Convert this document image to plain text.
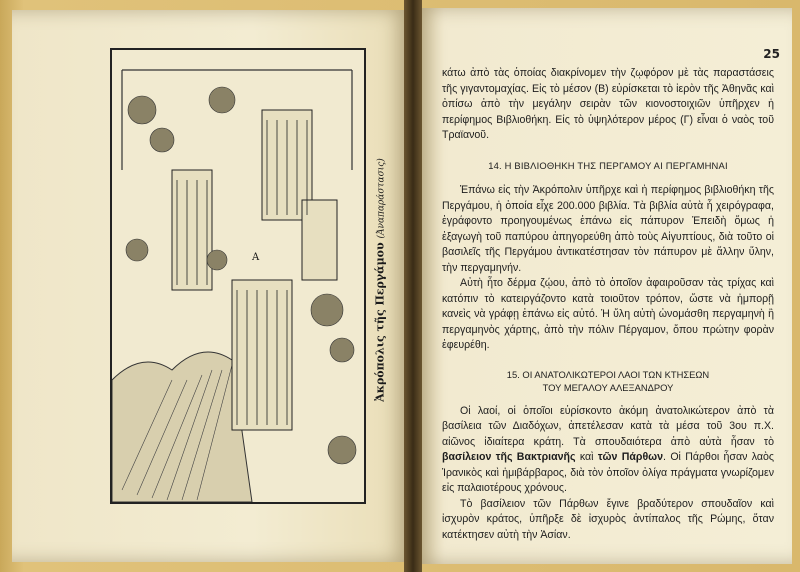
Α	Ἀκρόπολις τῆς Περγάμου (Ἀναπαράστασις)
25

κάτω ἀπὸ τὰς ὁποίας διακρίνομεν τὴν ζῳφόρον μὲ τὰς παραστάσεις τῆς γιγαντομαχίας. Εἰς τὸ μέσον (Β) εὑρίσκεται τὸ ἱερὸν τῆς Ἀθηνᾶς καὶ ὀπίσω ἀπὸ τὴν μεγάλην σειρὰν τῶν κιονοστοιχιῶν ὑπῆρχεν ἡ περίφημος Βιβλιοθήκη. Εἰς τὸ ὑψηλότερον μέρος (Γ) εἶναι ὁ ναὸς τοῦ Τραϊανοῦ.

14. Η ΒΙΒΛΙΟΘΗΚΗ ΤΗΣ ΠΕΡΓΑΜΟΥ ΑΙ ΠΕΡΓΑΜΗΝΑΙ

Ἐπάνω εἰς τὴν Ἀκρόπολιν ὑπῆρχε καὶ ἡ περίφημος βιβλιοθήκη τῆς Περγάμου, ἡ ὁποία εἶχε 200.000 βιβλία. Τὰ βιβλία αὐτὰ ἦ χειρόγραφα, ἐγράφοντο προηγουμένως ἐπάνω εἰς πάπυρον Ἐπειδὴ ὅμως ἡ ἐξαγωγὴ τοῦ παπύρου ἀπηγορεύθη ἀπὸ τοὺς Αἰγυπτίους, διὰ τοῦτο οἱ βασιλεῖς τῆς Περγάμου ἀντικατέστησαν τὸν πάπυρον μὲ ἄλλην ὕλην, τὴν περγαμηνήν.

Αὐτὴ ἦτο δέρμα ζῴου, ἀπὸ τὸ ὁποῖον ἀφαιροῦσαν τὰς τρίχας καὶ κατόπιν τὸ κατειργάζοντο κατὰ τοιοῦτον τρόπον, ὥστε νὰ ἠμπορῇ κανεὶς νὰ γράφῃ ἐπάνω εἰς αὐτό. Ἡ ὕλη αὐτὴ ὠνομάσθη περγαμηνὴ ἢ περγαμηνὸς χάρτης, ἀπὸ τὴν πόλιν Πέργαμον, ὅπου πρώτην φορὰν ἐφευρέθη.

15. ΟΙ ΑΝΑΤΟΛΙΚΩΤΕΡΟΙ ΛΑΟΙ ΤΩΝ ΚΤΗΣΕΩΝ
ΤΟΥ ΜΕΓΑΛΟΥ ΑΛΕΞΑΝΔΡΟΥ

Οἱ λαοί, οἱ ὁποῖοι εὑρίσκοντο ἀκόμη ἀνατολικώτερον ἀπὸ τὰ βασίλεια τῶν Διαδόχων, ἀπετέλεσαν κατὰ τὰ μέσα τοῦ 3ου π.Χ. αἰῶνος ἰδιαίτερα κράτη. Τὰ σπουδαιότερα ἀπὸ αὐτὰ ἦσαν τὸ βασίλειον τῆς Βακτριανῆς καὶ τῶν Πάρθων. Οἱ Πάρθοι ἦσαν λαὸς Ἰρανικὸς καὶ ἡμιβάρβαρος, διὰ τὸν ὁποῖον ὀλίγα πράγματα γνωρίζομεν εἰς παλαιοτέρους χρόνους.

Τὸ βασίλειον τῶν Πάρθων ἔγινε βραδύτερον σπουδαῖον καὶ ἰσχυρὸν κράτος, ὑπῆρξε δὲ ἰσχυρὸς ἀντίπαλος τῆς Ρώμης, ὅταν κατέκτησεν αὐτὴ τὴν Ἀσίαν.
